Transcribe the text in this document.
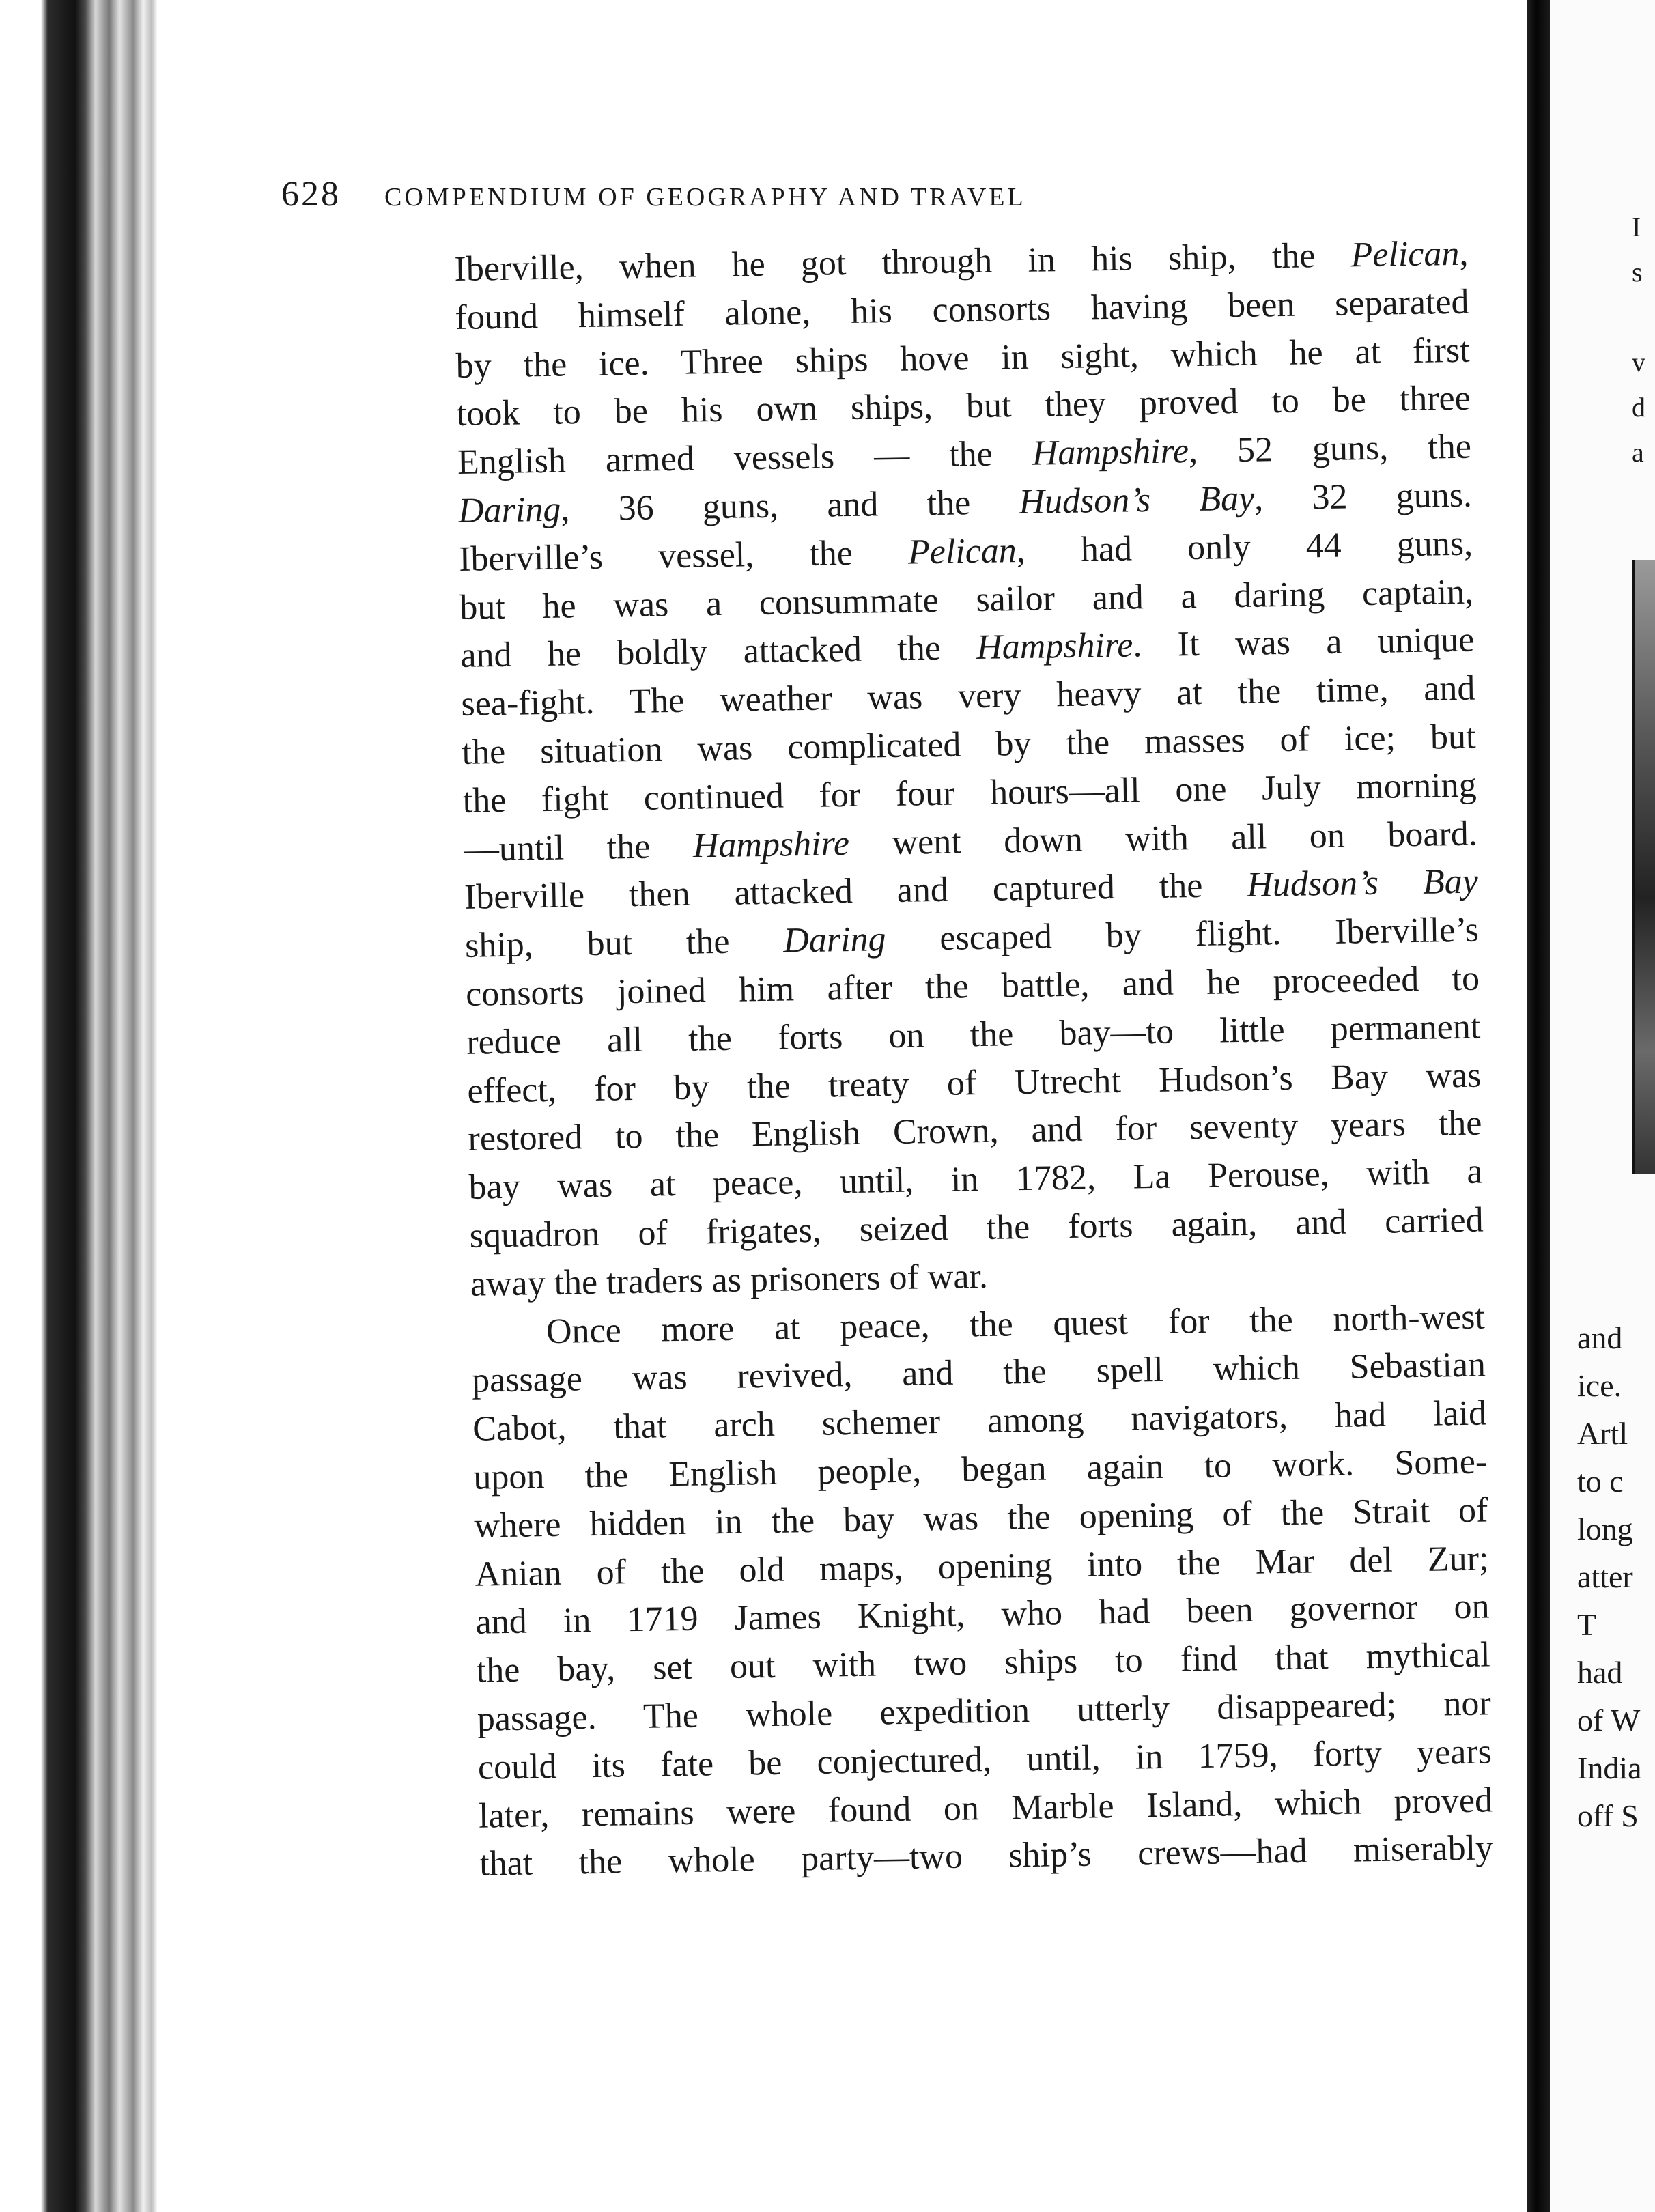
628 COMPENDIUM OF GEOGRAPHY AND TRAVEL
Iberville, when he got through in his ship, the Pelican,
found himself alone, his consorts having been separated
by the ice. Three ships hove in sight, which he at first
took to be his own ships, but they proved to be three
English armed vessels — the Hampshire, 52 guns, the
Daring, 36 guns, and the Hudson’s Bay, 32 guns.
Iberville’s vessel, the Pelican, had only 44 guns,
but he was a consummate sailor and a daring captain,
and he boldly attacked the Hampshire. It was a unique
sea-fight. The weather was very heavy at the time, and
the situation was complicated by the masses of ice; but
the fight continued for four hours—all one July morning
—until the Hampshire went down with all on board.
Iberville then attacked and captured the Hudson’s Bay
ship, but the Daring escaped by flight. Iberville’s
consorts joined him after the battle, and he proceeded to
reduce all the forts on the bay—to little permanent
effect, for by the treaty of Utrecht Hudson’s Bay was
restored to the English Crown, and for seventy years the
bay was at peace, until, in 1782, La Perouse, with a
squadron of frigates, seized the forts again, and carried
away the traders as prisoners of war.
Once more at peace, the quest for the north-west
passage was revived, and the spell which Sebastian
Cabot, that arch schemer among navigators, had laid
upon the English people, began again to work. Some-
where hidden in the bay was the opening of the Strait of
Anian of the old maps, opening into the Mar del Zur;
and in 1719 James Knight, who had been governor on
the bay, set out with two ships to find that mythical
passage. The whole expedition utterly disappeared; nor
could its fate be conjectured, until, in 1759, forty years
later, remains were found on Marble Island, which proved
that the whole party—two ship’s crews—had miserably
I
s

v
d
a
and
ice.
Artl
to c
long
atter
T
had
of W
India
off S
